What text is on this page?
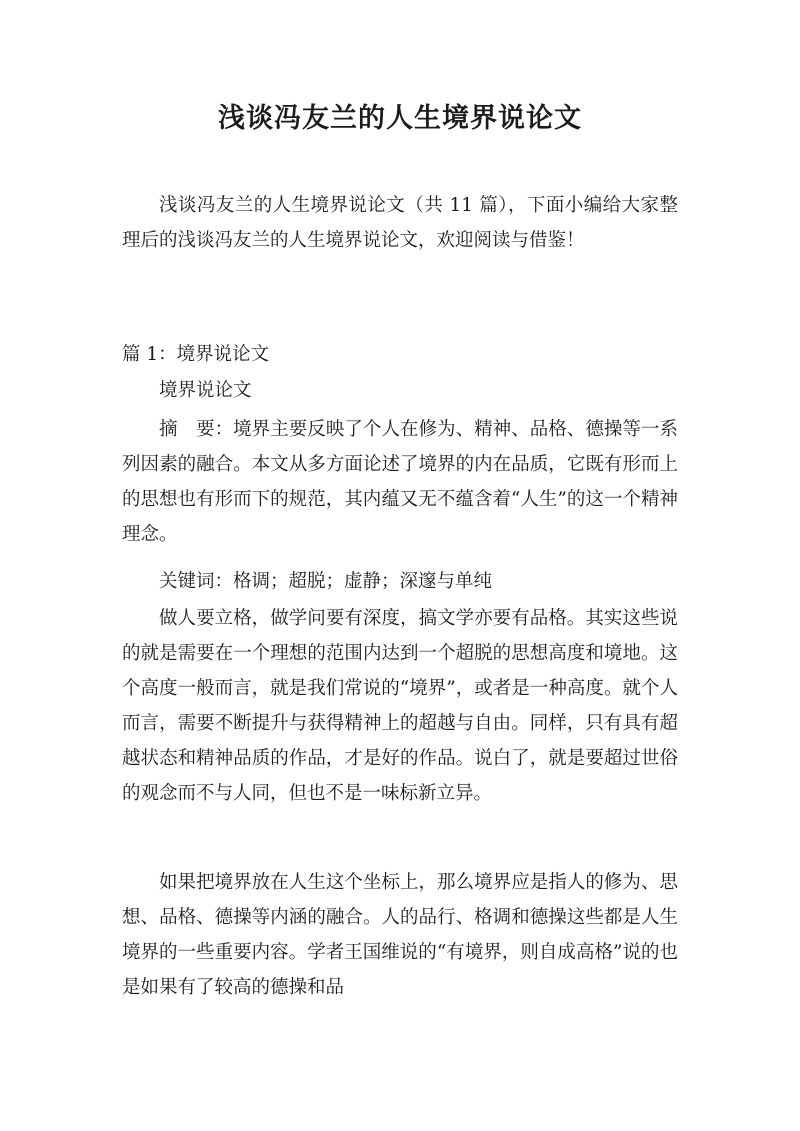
浅谈冯友兰的人生境界说论文

浅谈冯友兰的人生境界说论文（共 11 篇），下面小编给大家整理后的浅谈冯友兰的人生境界说论文，欢迎阅读与借鉴！

篇 1：境界说论文

境界说论文

摘　要：境界主要反映了个人在修为、精神、品格、德操等一系列因素的融合。本文从多方面论述了境界的内在品质，它既有形而上的思想也有形而下的规范，其内蕴又无不蕴含着“人生”的这一个精神理念。

关键词：格调；超脱；虚静；深邃与单纯

做人要立格，做学问要有深度，搞文学亦要有品格。其实这些说的就是需要在一个理想的范围内达到一个超脱的思想高度和境地。这个高度一般而言，就是我们常说的“境界”，或者是一种高度。就个人而言，需要不断提升与获得精神上的超越与自由。同样，只有具有超越状态和精神品质的作品，才是好的作品。说白了，就是要超过世俗的观念而不与人同，但也不是一味标新立异。

如果把境界放在人生这个坐标上，那么境界应是指人的修为、思想、品格、德操等内涵的融合。人的品行、格调和德操这些都是人生境界的一些重要内容。学者王国维说的“有境界，则自成高格”说的也是如果有了较高的德操和品
